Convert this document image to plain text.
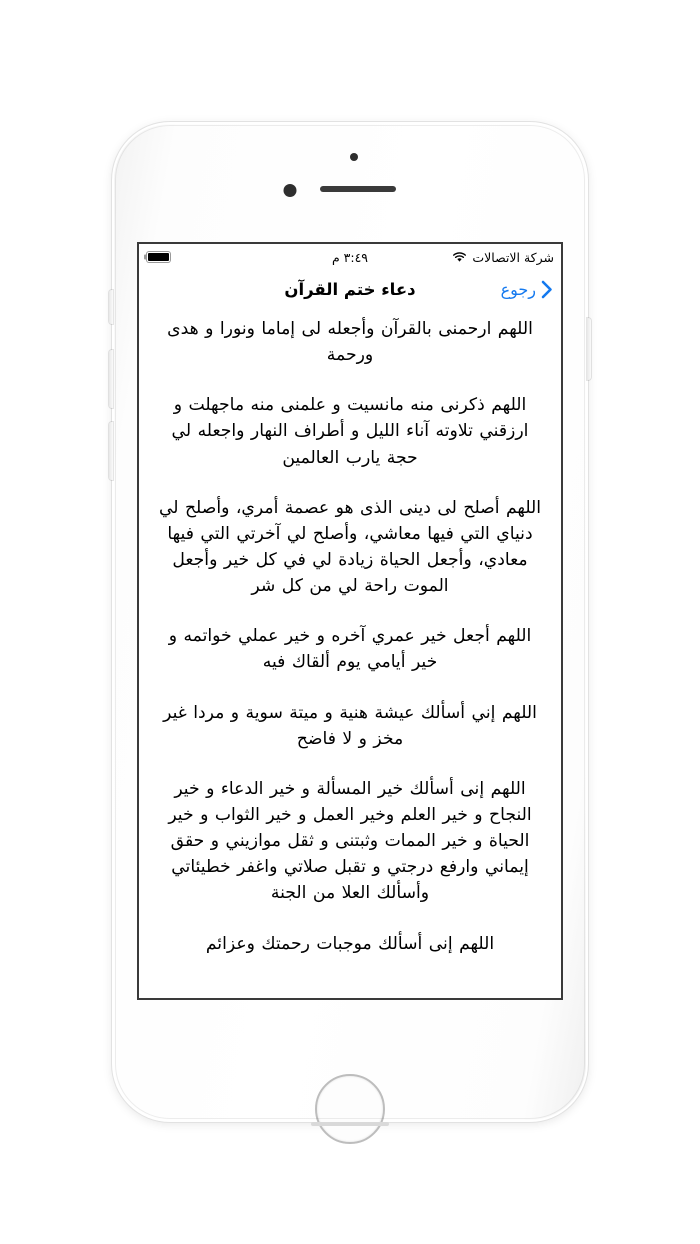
شركة الاتصالات
٣:٤٩ م
رجوع
دعاء ختم القرآن

اللهم ارحمنى بالقرآن وأجعله لى إماما ونورا و هدى ورحمة

اللهم ذكرنى منه مانسيت و علمنى منه ماجهلت و ارزقني تلاوته آناء الليل و أطراف النهار واجعله لي حجة يارب العالمين

اللهم أصلح لى دينى الذى هو عصمة أمري، وأصلح لي دنياي التي فيها معاشي، وأصلح لي آخرتي التي فيها معادي، وأجعل الحياة زيادة لي في كل خير وأجعل الموت راحة لي من كل شر

اللهم أجعل خير عمري آخره و خير عملي خواتمه و خير أيامي يوم ألقاك فيه

اللهم إني أسألك عيشة هنية و ميتة سوية و مردا غير مخز و لا فاضح

اللهم إنى أسألك خير المسألة و خير الدعاء و خير النجاح و خير العلم وخير العمل و خير الثواب و خير الحياة و خير الممات وثبتنى و ثقل موازيني و حقق إيماني وارفع درجتي و تقبل صلاتي واغفر خطيئاتي وأسألك العلا من الجنة

اللهم إنى أسألك موجبات رحمتك وعزائم
